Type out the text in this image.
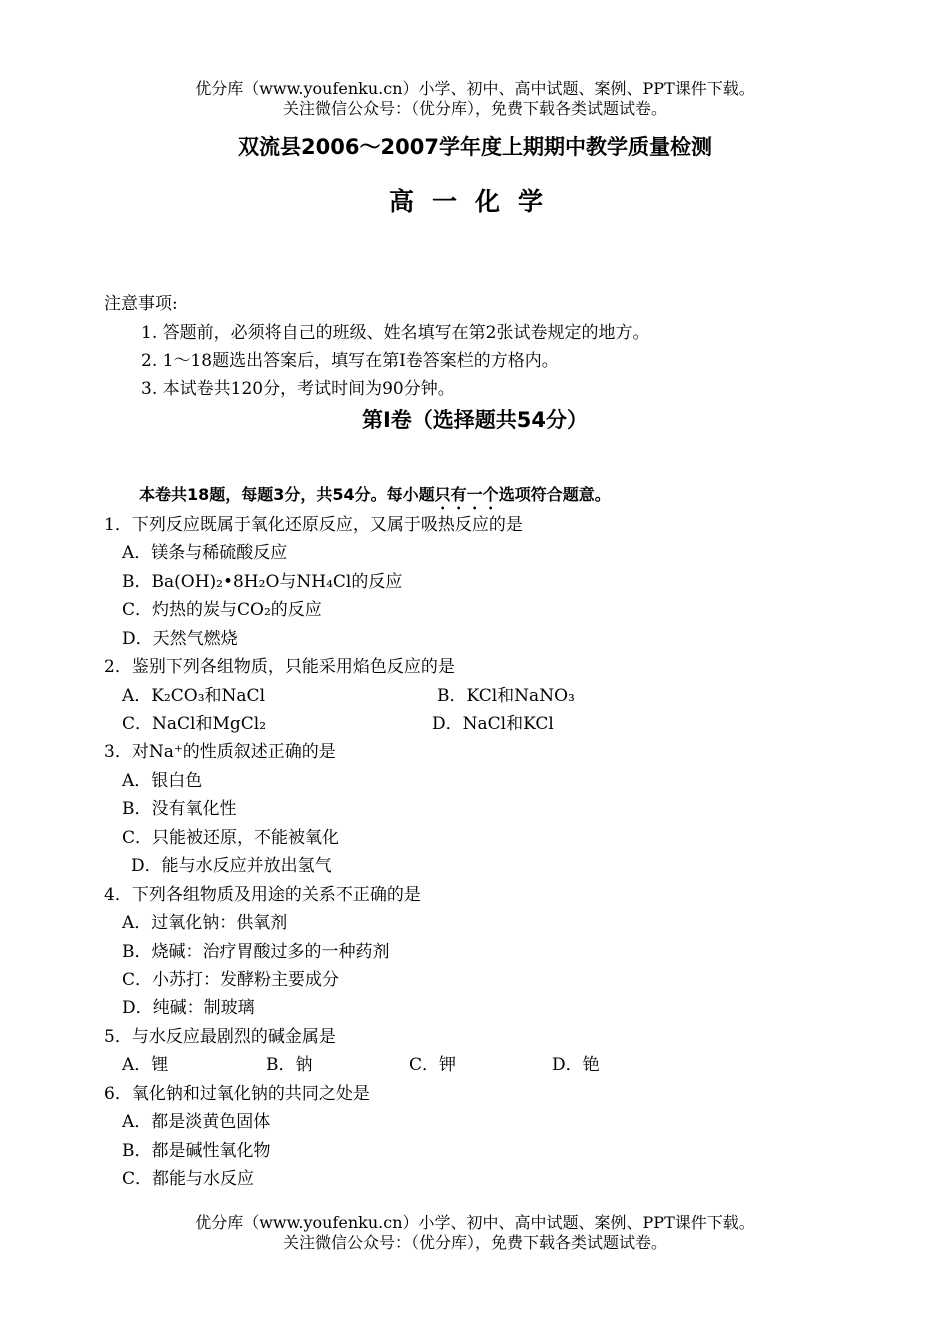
优分库（www.youfenku.cn）小学、初中、高中试题、案例、PPT课件下载。
关注微信公众号：（优分库），免费下载各类试题试卷。
双流县2006～2007学年度上期期中教学质量检测
高一化学
注意事项:
1. 答题前，必须将自己的班级、姓名填写在第2张试卷规定的地方。
2. 1～18题选出答案后，填写在第Ⅰ卷答案栏的方格内。
3. 本试卷共120分，考试时间为90分钟。
第Ⅰ卷（选择题共54分）
本卷共18题，每题3分，共54分。每小题只有一个选项符合题意。
1．下列反应既属于氧化还原反应，又属于吸热反应的是
A．镁条与稀硫酸反应
B．Ba(OH)₂•8H₂O与NH₄Cl的反应
C．灼热的炭与CO₂的反应
D．天然气燃烧
2．鉴别下列各组物质，只能采用焰色反应的是
A．K₂CO₃和NaCl	B．KCl和NaNO₃
C．NaCl和MgCl₂	D．NaCl和KCl
3．对Na⁺的性质叙述正确的是
A．银白色
B．没有氧化性
C．只能被还原，不能被氧化
D．能与水反应并放出氢气
4．下列各组物质及用途的关系不正确的是
A．过氧化钠：供氧剂
B．烧碱：治疗胃酸过多的一种药剂
C．小苏打：发酵粉主要成分
D．纯碱：制玻璃
5．与水反应最剧烈的碱金属是
A．锂	B．钠	C．钾	D．铯
6．氧化钠和过氧化钠的共同之处是
A．都是淡黄色固体
B．都是碱性氧化物
C．都能与水反应
优分库（www.youfenku.cn）小学、初中、高中试题、案例、PPT课件下载。
关注微信公众号：（优分库），免费下载各类试题试卷。
